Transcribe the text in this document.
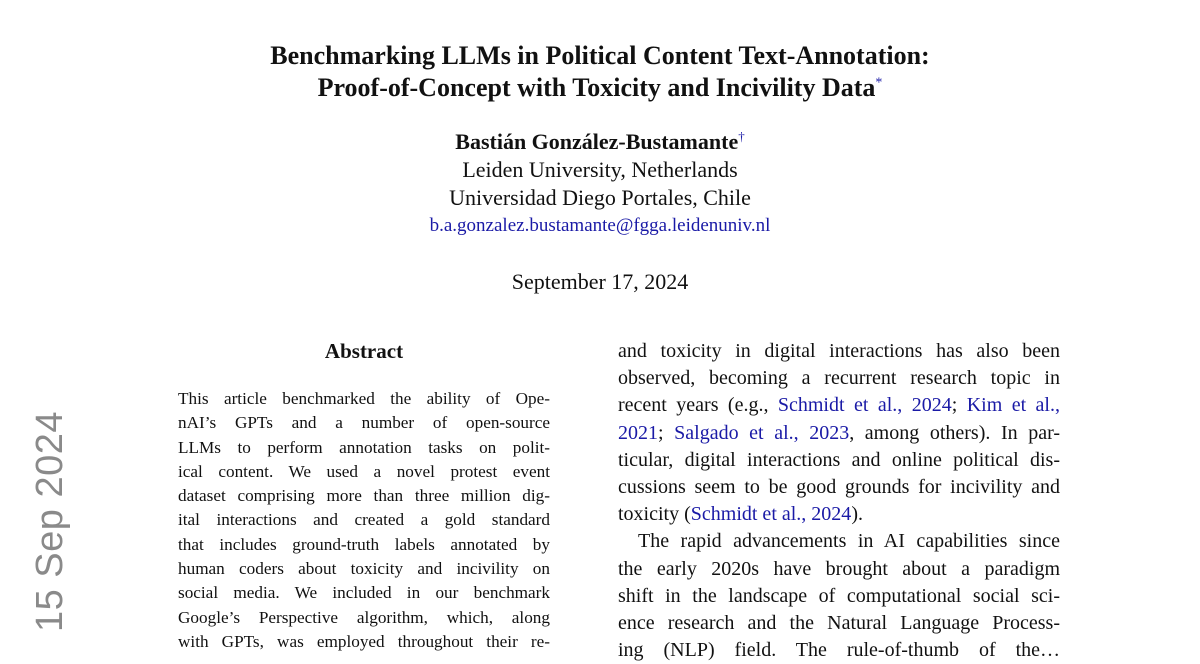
15 Sep 2024
Benchmarking LLMs in Political Content Text-Annotation:
Proof-of-Concept with Toxicity and Incivility Data*
Bastián González-Bustamante†
Leiden University, Netherlands
Universidad Diego Portales, Chile
b.a.gonzalez.bustamante@fgga.leidenuniv.nl
September 17, 2024
Abstract
This article benchmarked the ability of Ope-
nAI’s GPTs and a number of open-source
LLMs to perform annotation tasks on polit-
ical content. We used a novel protest event
dataset comprising more than three million dig-
ital interactions and created a gold standard
that includes ground-truth labels annotated by
human coders about toxicity and incivility on
social media. We included in our benchmark
Google’s Perspective algorithm, which, along
with GPTs, was employed throughout their re-
and toxicity in digital interactions has also been
observed, becoming a recurrent research topic in
recent years (e.g., Schmidt et al., 2024; Kim et al.,
2021; Salgado et al., 2023, among others). In par-
ticular, digital interactions and online political dis-
cussions seem to be good grounds for incivility and
toxicity (Schmidt et al., 2024).
The rapid advancements in AI capabilities since
the early 2020s have brought about a paradigm
shift in the landscape of computational social sci-
ence research and the Natural Language Process-
ing (NLP) field. The rule-of-thumb of the…
